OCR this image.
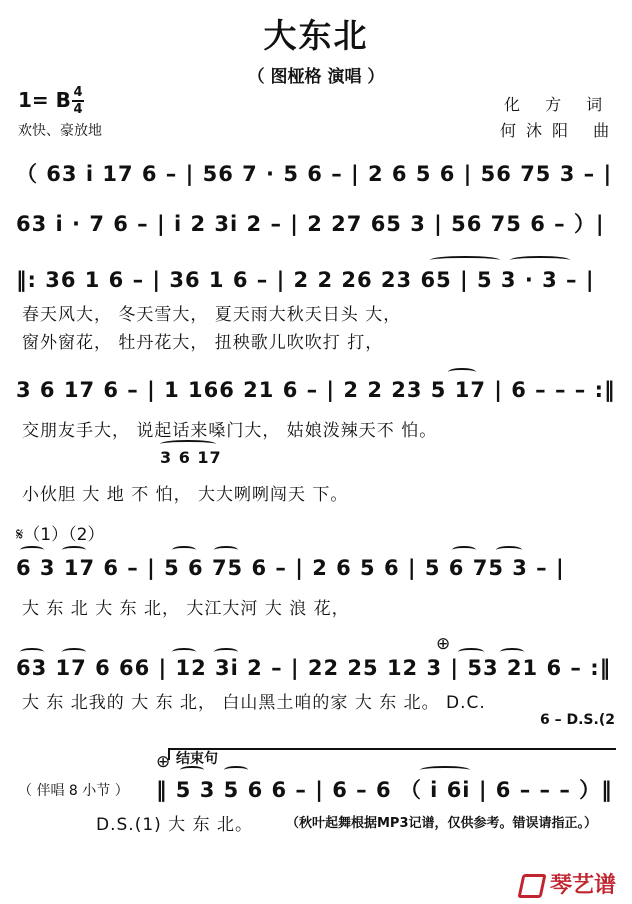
大东北
（ 图桠格 演唱 ）
1= B 4
4
欢快、豪放地
化 方 词
何沐阳 曲
（ 63 i 17 6 – | 56 7 · 5 6 – | 2 6 5 6 | 56 75 3 – |
63 i · 7 6 – | i 2 3i 2 – | 2 27 65 3 | 56 75 6 – ）|
‖: 36 1 6 – | 36 1 6 – | 2 2 26 23 65 | 5 3 · 3 – |
春天风大， 冬天雪大， 夏天雨大秋天日头 大，
窗外窗花， 牡丹花大， 扭秧歌儿吹吹打 打，
3 6 17 6 – | 1 166 21 6 – | 2 2 23 5 17 | 6 – – – :‖
交朋友手大， 说起话来嗓门大， 姑娘泼辣天不 怕。
3 6 17
小伙胆 大 地 不 怕， 大大咧咧闯天 下。
𝄋（1）（2）
6 3 17 6 – | 5 6 75 6 – | 2 6 5 6 | 5 6 75 3 – |
大 东 北 大 东 北， 大江大河 大 浪 花，
⊕
63 17 6 66 | 12 3i 2 – | 22 25 12 3 | 53 21 6 – :‖
大 东 北我的 大 东 北， 白山黑土咱的家 大 东 北。 D.C.
6 – D.S.(2
结束句
⊕
（ 伴唱 8 小节 ） ‖ 5 3 5 6 6 – | 6 – 6 （ i 6i | 6 – – – ）‖
D.S.(1) 大 东 北。	（秋叶起舞根据MP3记谱，仅供参考。错误请指正。）
琴艺谱
